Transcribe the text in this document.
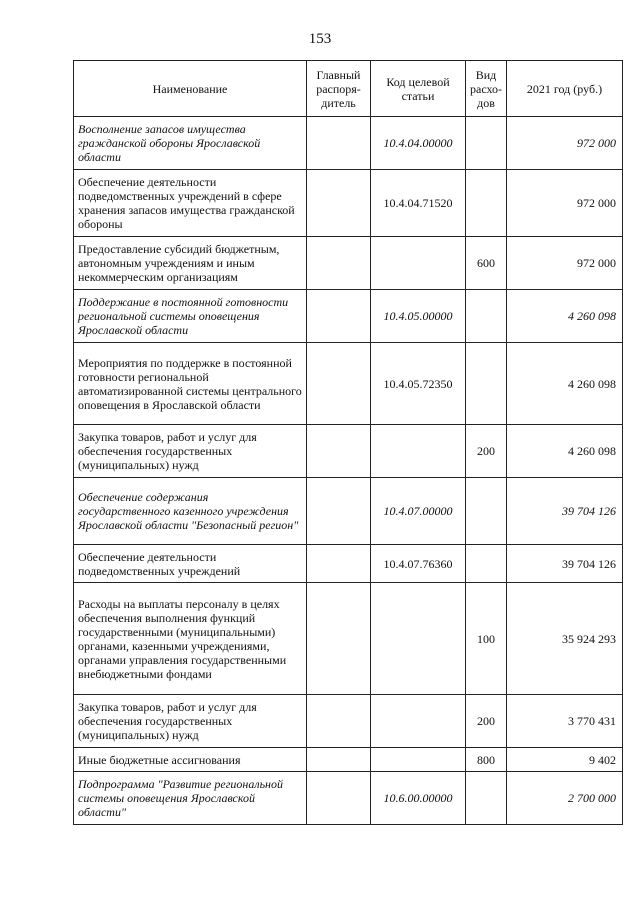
153
Наименование	Главный распоря-дитель	Код целевой статьи	Вид расхо-дов	2021 год (руб.)
Восполнение запасов имущества гражданской обороны Ярославской области		10.4.04.00000		972 000
Обеспечение деятельности подведомственных учреждений в сфере хранения запасов имущества гражданской обороны		10.4.04.71520		972 000
Предоставление субсидий бюджетным, автономным учреждениям и иным некоммерческим организациям			600	972 000
Поддержание в постоянной готовности региональной системы оповещения Ярославской области		10.4.05.00000		4 260 098
Мероприятия по поддержке в постоянной готовности региональной автоматизированной системы центрального оповещения в Ярославской области		10.4.05.72350		4 260 098
Закупка товаров, работ и услуг для обеспечения государственных (муниципальных) нужд			200	4 260 098
Обеспечение содержания государственного казенного учреждения Ярославской области "Безопасный регион"		10.4.07.00000		39 704 126
Обеспечение деятельности подведомственных учреждений		10.4.07.76360		39 704 126
Расходы на выплаты персоналу в целях обеспечения выполнения функций государственными (муниципальными) органами, казенными учреждениями, органами управления государственными внебюджетными фондами			100	35 924 293
Закупка товаров, работ и услуг для обеспечения государственных (муниципальных) нужд			200	3 770 431
Иные бюджетные ассигнования			800	9 402
Подпрограмма "Развитие региональной системы оповещения Ярославской области"		10.6.00.00000		2 700 000
